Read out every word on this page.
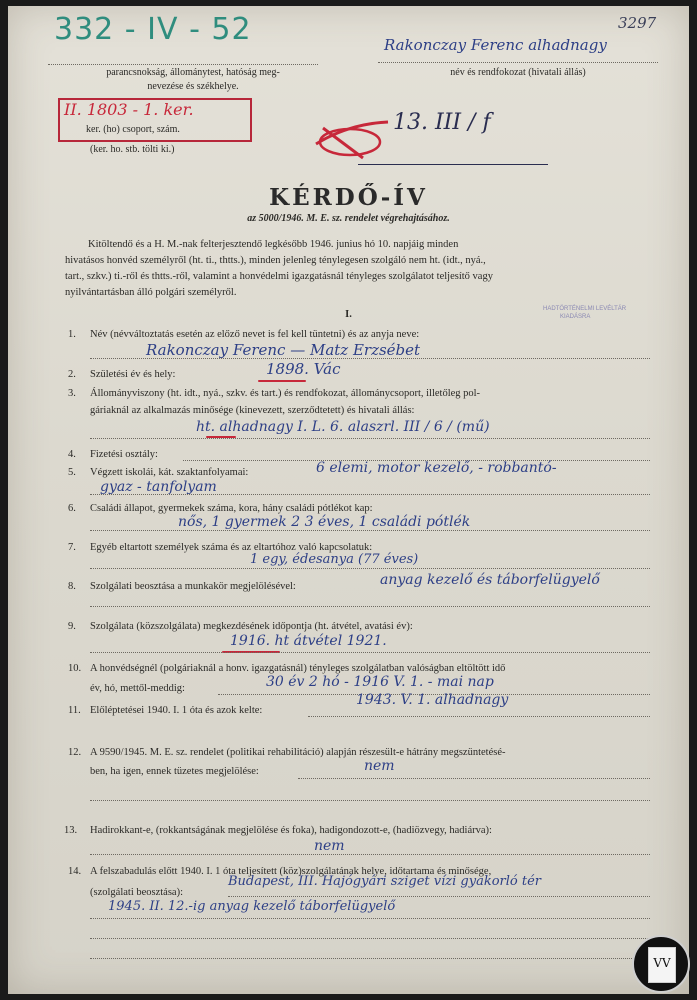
332 - IV - 52	3297
parancsnokság, állománytest, hatóság meg-
nevezése és székhelye.
Rakonczay Ferenc alhadnagy
név és rendfokozat (hivatali állás)
II. 1803 - 1. ker.
ker. (ho) csoport, szám.
(ker. ho. stb. tölti ki.)
13. III / f
KÉRDŐ-ÍV
az 5000/1946. M. E. sz. rendelet végrehajtásához.
Kitöltendő és a H. M.-nak felterjesztendő legkésőbb 1946. junius hó 10. napjáig minden
hivatásos honvéd személyről (ht. ti., thtts.), minden jelenleg ténylegesen szolgáló nem ht. (idt., nyá.,
tart., szkv.) ti.-ről és thtts.-ről, valamint a honvédelmi igazgatásnál tényleges szolgálatot teljesítő vagy
nyilvántartásban álló polgári személyről.
HADTÖRTÉNELMI LEVÉLTÁR
KIADÁSRA
I.
1. Név (névváltoztatás esetén az előző nevet is fel kell tüntetni) és az anyja neve:
Rakonczay Ferenc — Matz Erzsébet
2. Születési év és hely:	1898. Vác
3. Állományviszony (ht. idt., nyá., szkv. és tart.) és rendfokozat, állománycsoport, illetőleg pol-
gáriaknál az alkalmazás minősége (kinevezett, szerződtetett) és hivatali állás:
ht. alhadnagy I. L. 6. alaszrl. III / 6 / (mű)
4. Fizetési osztály:
5. Végzett iskolái, kát. szaktanfolyamai:	6 elemi, motor kezelő, - robbantó-
gyaz - tanfolyam
6. Családi állapot, gyermekek száma, kora, hány családi pótlékot kap:
nős, 1 gyermek 2 3 éves, 1 családi pótlék
7. Egyéb eltartott személyek száma és az eltartóhoz való kapcsolatuk:
1 egy, édesanya (77 éves)
8. Szolgálati beosztása a munkakör megjelölésével:	anyag kezelő és táborfelügyelő
9. Szolgálata (közszolgálata) megkezdésének időpontja (ht. átvétel, avatási év):
1916. ht átvétel 1921.
10. A honvédségnél (polgáriaknál a honv. igazgatásnál) tényleges szolgálatban valóságban eltöltött idő
év, hó, mettől-meddig:	30 év 2 hó - 1916 V. 1. - mai nap
11. Előléptetései 1940. I. 1 óta és azok kelte:
1943. V. 1. alhadnagy
12. A 9590/1945. M. E. sz. rendelet (politikai rehabilitáció) alapján részesült-e hátrány megszüntetésé-
ben, ha igen, ennek tüzetes megjelölése:	nem
13. Hadirokkant-e, (rokkantságának megjelölése és foka), hadigondozott-e, (hadiözvegy, hadiárva):
nem
14. A felszabadulás előtt 1940. I. 1 óta teljesített (köz)szolgálatának helye, időtartama és minősége,
(szolgálati beosztása):
Budapest, III. Hajógyári sziget vízi gyakorló tér
1945. II. 12.-ig anyag kezelő táborfelügyelő
VV
